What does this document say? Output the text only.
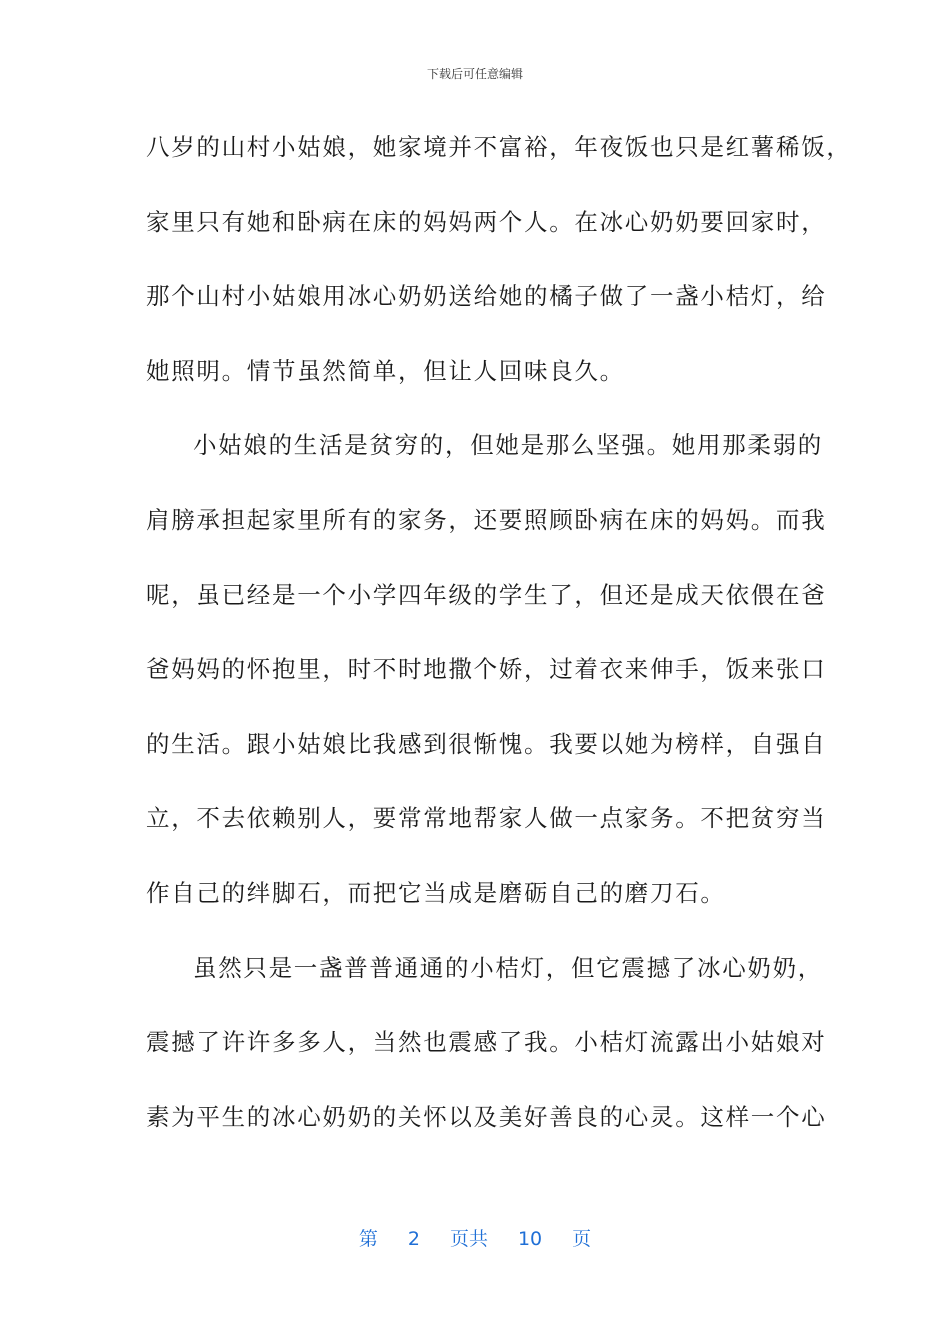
下载后可任意编辑
八岁的山村小姑娘，她家境并不富裕，年夜饭也只是红薯稀饭，
家里只有她和卧病在床的妈妈两个人。在冰心奶奶要回家时，
那个山村小姑娘用冰心奶奶送给她的橘子做了一盏小桔灯，给
她照明。情节虽然简单，但让人回味良久。
小姑娘的生活是贫穷的，但她是那么坚强。她用那柔弱的
肩膀承担起家里所有的家务，还要照顾卧病在床的妈妈。而我
呢，虽已经是一个小学四年级的学生了，但还是成天依偎在爸
爸妈妈的怀抱里，时不时地撒个娇，过着衣来伸手，饭来张口
的生活。跟小姑娘比我感到很惭愧。我要以她为榜样，自强自
立，不去依赖别人，要常常地帮家人做一点家务。不把贫穷当
作自己的绊脚石，而把它当成是磨砺自己的磨刀石。
虽然只是一盏普普通通的小桔灯，但它震撼了冰心奶奶，
震撼了许许多多人，当然也震感了我。小桔灯流露出小姑娘对
素为平生的冰心奶奶的关怀以及美好善良的心灵。这样一个心
第 2 页共 10 页
